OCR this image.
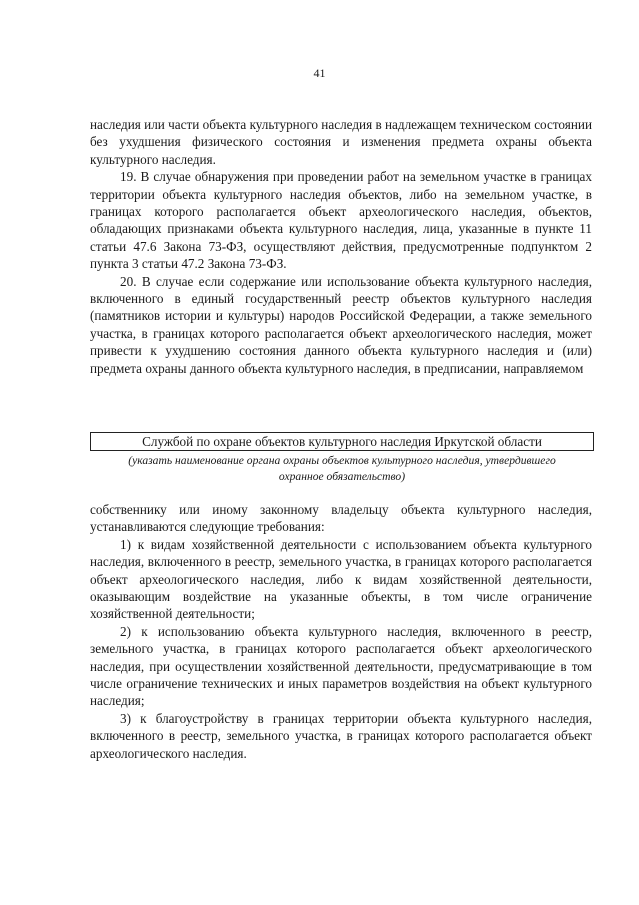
41

наследия или части объекта культурного наследия в надлежащем техническом состоянии без ухудшения физического состояния и изменения предмета охраны объекта культурного наследия.

19. В случае обнаружения при проведении работ на земельном участке в границах территории объекта культурного наследия объектов, либо на земельном участке, в границах которого располагается объект археологического наследия, объектов, обладающих признаками объекта культурного наследия, лица, указанные в пункте 11 статьи 47.6 Закона 73-ФЗ, осуществляют действия, предусмотренные подпунктом 2 пункта 3 статьи 47.2 Закона 73-ФЗ.

20. В случае если содержание или использование объекта культурного наследия, включенного в единый государственный реестр объектов культурного наследия (памятников истории и культуры) народов Российской Федерации, а также земельного участка, в границах которого располагается объект археологического наследия, может привести к ухудшению состояния данного объекта культурного наследия и (или) предмета охраны данного объекта культурного наследия, в предписании, направляемом

Службой по охране объектов культурного наследия Иркутской области

(указать наименование органа охраны объектов культурного наследия, утвердившего

охранное обязательство)

собственнику или иному законному владельцу объекта культурного наследия, устанавливаются следующие требования:

1) к видам хозяйственной деятельности с использованием объекта культурного наследия, включенного в реестр, земельного участка, в границах которого располагается объект археологического наследия, либо к видам хозяйственной деятельности, оказывающим воздействие на указанные объекты, в том числе ограничение хозяйственной деятельности;

2) к использованию объекта культурного наследия, включенного в реестр, земельного участка, в границах которого располагается объект археологического наследия, при осуществлении хозяйственной деятельности, предусматривающие в том числе ограничение технических и иных параметров воздействия на объект культурного наследия;

3) к благоустройству в границах территории объекта культурного наследия, включенного в реестр, земельного участка, в границах которого располагается объект археологического наследия.
